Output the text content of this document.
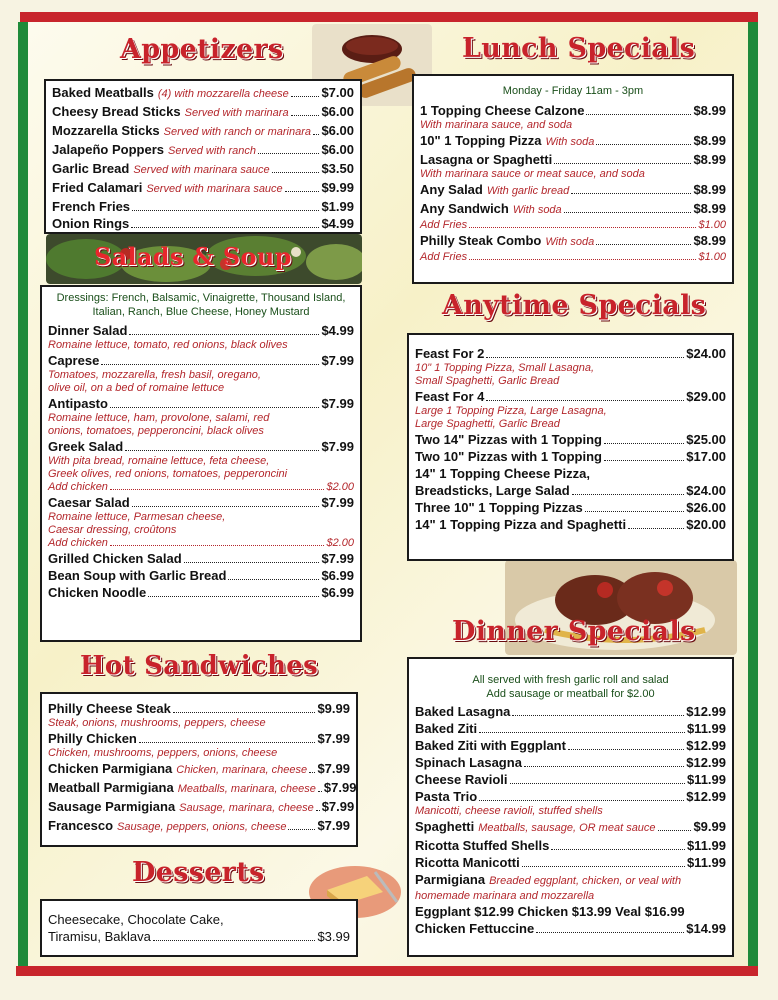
Appetizers
Salads & Soup
Hot Sandwiches
Desserts
Lunch Specials
Anytime Specials
Dinner Specials
Baked Meatballs (4) with mozzarella cheese	$7.00
Cheesy Bread Sticks Served with marinara	$6.00
Mozzarella Sticks Served with ranch or marinara $6.00
Jalapeño Poppers Served with ranch	$6.00
Garlic Bread Served with marinara sauce	$3.50
Fried Calamari Served with marinara sauce	$9.99
French Fries	$1.99
Onion Rings	$4.99
Dressings: French, Balsamic, Vinaigrette, Thousand Island, Italian, Ranch, Blue Cheese, Honey Mustard
Dinner Salad	$4.99
Romaine lettuce, tomato, red onions, black olives
Caprese	$7.99
Tomatoes, mozzarella, fresh basil, oregano,
olive oil, on a bed of romaine lettuce
Antipasto	$7.99
Romaine lettuce, ham, provolone, salami, red
onions, tomatoes, pepperoncini, black olives
Greek Salad	$7.99
With pita bread, romaine lettuce, feta cheese,
Greek olives, red onions, tomatoes, pepperoncini
Add chicken	$2.00
Caesar Salad	$7.99
Romaine lettuce, Parmesan cheese,
Caesar dressing, croûtons
Add chicken	$2.00
Grilled Chicken Salad	$7.99
Bean Soup with Garlic Bread	$6.99
Chicken Noodle	$6.99
Philly Cheese Steak	$9.99
Steak, onions, mushrooms, peppers, cheese
Philly Chicken	$7.99
Chicken, mushrooms, peppers, onions, cheese
Chicken Parmigiana Chicken, marinara, cheese $7.99
Meatball Parmigiana Meatballs, marinara, cheese $7.99
Sausage Parmigiana Sausage, marinara, cheese $7.99
Francesco Sausage, peppers, onions, cheese $7.99
Cheesecake, Chocolate Cake,
Tiramisu, Baklava	$3.99
Monday - Friday 11am - 3pm
1 Topping Cheese Calzone	$8.99
With marinara sauce, and soda
10" 1 Topping Pizza With soda	$8.99
Lasagna or Spaghetti	$8.99
With marinara sauce or meat sauce, and soda
Any Salad With garlic bread	$8.99
Any Sandwich With soda	$8.99
Add Fries	$1.00
Philly Steak Combo With soda	$8.99
Add Fries	$1.00
Feast For 2	$24.00
10" 1 Topping Pizza, Small Lasagna,
Small Spaghetti, Garlic Bread
Feast For 4	$29.00
Large 1 Topping Pizza, Large Lasagna,
Large Spaghetti, Garlic Bread
Two 14" Pizzas with 1 Topping	$25.00
Two 10" Pizzas with 1 Topping	$17.00
14" 1 Topping Cheese Pizza,
Breadsticks, Large Salad	$24.00
Three 10" 1 Topping Pizzas	$26.00
14" 1 Topping Pizza and Spaghetti	$20.00
All served with fresh garlic roll and salad
Add sausage or meatball for $2.00
Baked Lasagna	$12.99
Baked Ziti	$11.99
Baked Ziti with Eggplant	$12.99
Spinach Lasagna	$12.99
Cheese Ravioli	$11.99
Pasta Trio	$12.99
Manicotti, cheese ravioli, stuffed shells
Spaghetti Meatballs, sausage, OR meat sauce	$9.99
Ricotta Stuffed Shells	$11.99
Ricotta Manicotti	$11.99
Parmigiana Breaded eggplant, chicken, or veal with
homemade marinara and mozzarella
Eggplant $12.99 Chicken $13.99 Veal $16.99
Chicken Fettuccine	$14.99
